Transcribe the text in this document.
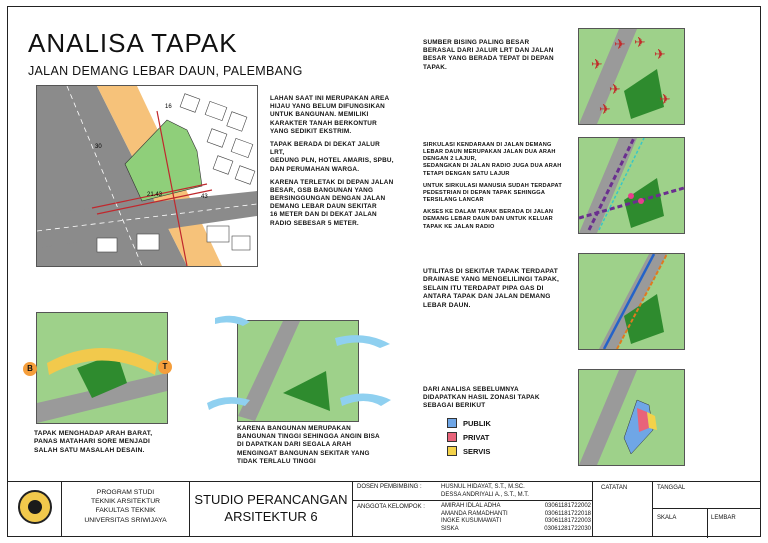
ANALISA TAPAK
JALAN DEMANG LEBAR DAUN, PALEMBANG
16
30
21.43	43

LAHAN SAAT INI MERUPAKAN AREA HIJAU YANG BELUM DIFUNGSIKAN UNTUK BANGUNAN. MEMILIKI KARAKTER TANAH BERKONTUR YANG SEDIKIT EKSTRIM.

TAPAK BERADA DI DEKAT JALUR LRT,
GEDUNG PLN, HOTEL AMARIS, SPBU, DAN PERUMAHAN WARGA.

KARENA TERLETAK DI DEPAN JALAN BESAR, GSB BANGUNAN YANG BERSINGGUNGAN DENGAN JALAN DEMANG LEBAR DAUN SEKITAR
16 METER DAN DI DEKAT JALAN RADIO SEBESAR 5 METER.

SUMBER BISING PALING BESAR BERASAL DARI JALUR LRT DAN JALAN BESAR YANG BERADA TEPAT DI DEPAN TAPAK.	✈
✈ ✈
✈
✈
✈
✈

SIRKULASI KENDARAAN DI JALAN DEMANG LEBAR DAUN MERUPAKAN JALAN DUA ARAH DENGAN 2 LAJUR,
SEDANGKAN DI JALAN RADIO JUGA DUA ARAH TETAPI DENGAN SATU LAJUR

UNTUK SIRKULASI MANUSIA SUDAH TERDAPAT PEDESTRIAN DI DEPAN TAPAK SEHINGGA TERSILANG LANCAR

AKSES KE DALAM TAPAK BERADA DI JALAN DEMANG LEBAR DAUN DAN UNTUK KELUAR TAPAK KE JALAN RADIO

UTILITAS DI SEKITAR TAPAK TERDAPAT DRAINASE YANG MENGELILINGI TAPAK, SELAIN ITU TERDAPAT PIPA GAS DI ANTARA TAPAK DAN JALAN DEMANG LEBAR DAUN.
DARI ANALISA SEBELUMNYA DIDAPATKAN HASIL ZONASI TAPAK SEBAGAI BERIKUT
PUBLIK
PRIVAT
SERVIS
B	T
TAPAK MENGHADAP ARAH BARAT, PANAS MATAHARI SORE MENJADI SALAH SATU MASALAH DESAIN.
KARENA BANGUNAN MERUPAKAN BANGUNAN TINGGI SEHINGGA ANGIN BISA DI DAPATKAN DARI SEGALA ARAH MENGINGAT BANGUNAN SEKITAR YANG TIDAK TERLALU TINGGI
PROGRAM STUDI
TEKNIK ARSITEKTUR
FAKULTAS TEKNIK
UNIVERSITAS SRIWIJAYA
STUDIO PERANCANGAN
ARSITEKTUR 6
DOSEN PEMBIMBING :	HUSNUL HIDAYAT, S.T., M.SC.
DESSA ANDRIYALI A., S.T., M.T.
ANGGOTA KELOMPOK :	AMIRAH IDLAL ADHA	03061181722002
AMANDA RAMADHANTI	03061181722018
INGKE KUSUMAWATI	03061181722003
SISKA	03061281722030
CATATAN	TANGGAL
SKALA	LEMBAR
